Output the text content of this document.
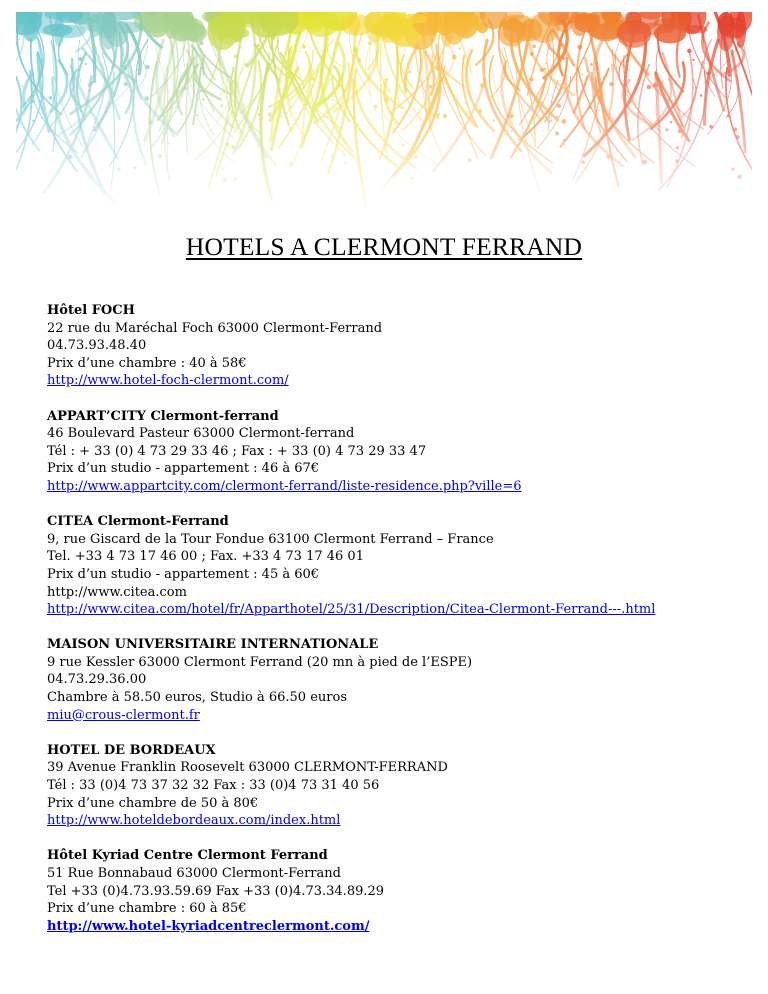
HOTELS A CLERMONT FERRAND
Hôtel FOCH
22 rue du Maréchal Foch 63000 Clermont-Ferrand
04.73.93.48.40
Prix d’une chambre : 40 à 58€
http://www.hotel-foch-clermont.com/
APPART’CITY Clermont-ferrand
46 Boulevard Pasteur 63000 Clermont-ferrand
Tél : + 33 (0) 4 73 29 33 46 ; Fax : + 33 (0) 4 73 29 33 47
Prix d’un studio - appartement : 46 à 67€
http://www.appartcity.com/clermont-ferrand/liste-residence.php?ville=6
CITEA Clermont-Ferrand
9, rue Giscard de la Tour Fondue 63100 Clermont Ferrand – France
Tel. +33 4 73 17 46 00 ; Fax. +33 4 73 17 46 01
Prix d’un studio - appartement : 45 à 60€
http://www.citea.com
http://www.citea.com/hotel/fr/Apparthotel/25/31/Description/Citea-Clermont-Ferrand---.html
MAISON UNIVERSITAIRE INTERNATIONALE
9 rue Kessler 63000 Clermont Ferrand (20 mn à pied de l’ESPE)
04.73.29.36.00
Chambre à 58.50 euros, Studio à 66.50 euros
miu@crous-clermont.fr
HOTEL DE BORDEAUX
39 Avenue Franklin Roosevelt 63000 CLERMONT-FERRAND
Tél : 33 (0)4 73 37 32 32 Fax : 33 (0)4 73 31 40 56
Prix d’une chambre de 50 à 80€
http://www.hoteldebordeaux.com/index.html
Hôtel Kyriad Centre Clermont Ferrand
51 Rue Bonnabaud 63000 Clermont-Ferrand
Tel +33 (0)4.73.93.59.69 Fax +33 (0)4.73.34.89.29
Prix d’une chambre : 60 à 85€
http://www.hotel-kyriadcentreclermont.com/
